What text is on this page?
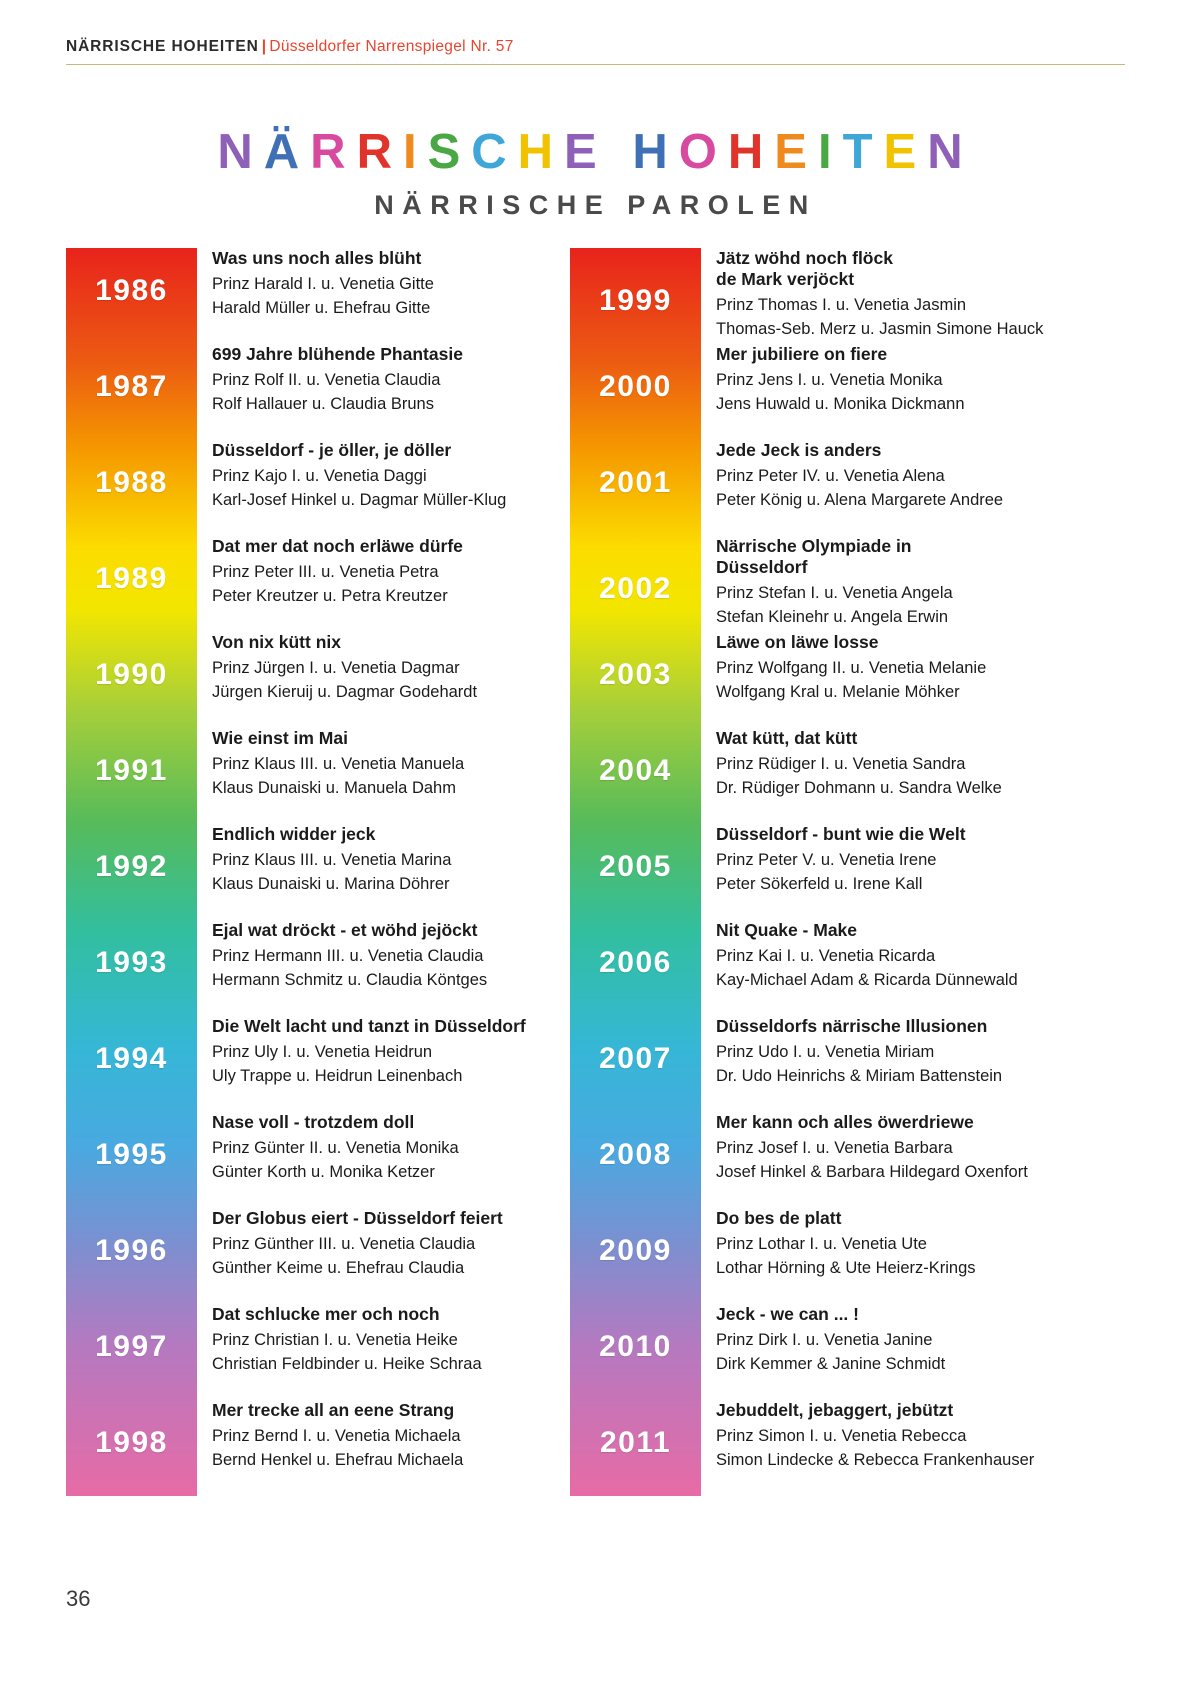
NÄRRISCHE HOHEITEN | Düsseldorfer Narrenspiegel Nr. 57
NÄRRISCHE HOHEITEN
NÄRRISCHE PAROLEN
1986
Was uns noch alles blüht
Prinz Harald I. u. Venetia Gitte
Harald Müller u. Ehefrau Gitte
1987
699 Jahre blühende Phantasie
Prinz Rolf II. u. Venetia Claudia
Rolf Hallauer u. Claudia Bruns
1988
Düsseldorf - je öller, je döller
Prinz Kajo I. u. Venetia Daggi
Karl-Josef Hinkel u. Dagmar Müller-Klug
1989
Dat mer dat noch erläwe dürfe
Prinz Peter III. u. Venetia Petra
Peter Kreutzer u. Petra Kreutzer
1990
Von nix kütt nix
Prinz Jürgen I. u. Venetia Dagmar
Jürgen Kieruij u. Dagmar Godehardt
1991
Wie einst im Mai
Prinz Klaus III. u. Venetia Manuela
Klaus Dunaiski u. Manuela Dahm
1992
Endlich widder jeck
Prinz Klaus III. u. Venetia Marina
Klaus Dunaiski u. Marina Döhrer
1993
Ejal wat dröckt - et wöhd jejöckt
Prinz Hermann III. u. Venetia Claudia
Hermann Schmitz u. Claudia Köntges
1994
Die Welt lacht und tanzt in Düsseldorf
Prinz Uly I. u. Venetia Heidrun
Uly Trappe u. Heidrun Leinenbach
1995
Nase voll - trotzdem doll
Prinz Günter II. u. Venetia Monika
Günter Korth u. Monika Ketzer
1996
Der Globus eiert - Düsseldorf feiert
Prinz Günther III. u. Venetia Claudia
Günther Keime u. Ehefrau Claudia
1997
Dat schlucke mer och noch
Prinz Christian I. u. Venetia Heike
Christian Feldbinder u. Heike Schraa
1998
Mer trecke all an eene Strang
Prinz Bernd I. u. Venetia Michaela
Bernd Henkel u. Ehefrau Michaela
1999
Jätz wöhd noch flöck
de Mark verjöckt
Prinz Thomas I. u. Venetia Jasmin
Thomas-Seb. Merz u. Jasmin Simone Hauck
2000
Mer jubiliere on fiere
Prinz Jens I. u. Venetia Monika
Jens Huwald u. Monika Dickmann
2001
Jede Jeck is anders
Prinz Peter IV. u. Venetia Alena
Peter König u. Alena Margarete Andree
2002
Närrische Olympiade in
Düsseldorf
Prinz Stefan I. u. Venetia Angela
Stefan Kleinehr u. Angela Erwin
2003
Läwe on läwe losse
Prinz Wolfgang II. u. Venetia Melanie
Wolfgang Kral u. Melanie Möhker
2004
Wat kütt, dat kütt
Prinz Rüdiger I. u. Venetia Sandra
Dr. Rüdiger Dohmann u. Sandra Welke
2005
Düsseldorf - bunt wie die Welt
Prinz Peter V. u. Venetia Irene
Peter Sökerfeld u. Irene Kall
2006
Nit Quake - Make
Prinz Kai I. u. Venetia Ricarda
Kay-Michael Adam & Ricarda Dünnewald
2007
Düsseldorfs närrische Illusionen
Prinz Udo I. u. Venetia Miriam
Dr. Udo Heinrichs & Miriam Battenstein
2008
Mer kann och alles öwerdriewe
Prinz Josef I. u. Venetia Barbara
Josef Hinkel & Barbara Hildegard Oxenfort
2009
Do bes de platt
Prinz Lothar I. u. Venetia Ute
Lothar Hörning & Ute Heierz-Krings
2010
Jeck - we can ... !
Prinz Dirk I. u. Venetia Janine
Dirk Kemmer & Janine Schmidt
2011
Jebuddelt, jebaggert, jebützt
Prinz Simon I. u. Venetia Rebecca
Simon Lindecke & Rebecca Frankenhauser
36
